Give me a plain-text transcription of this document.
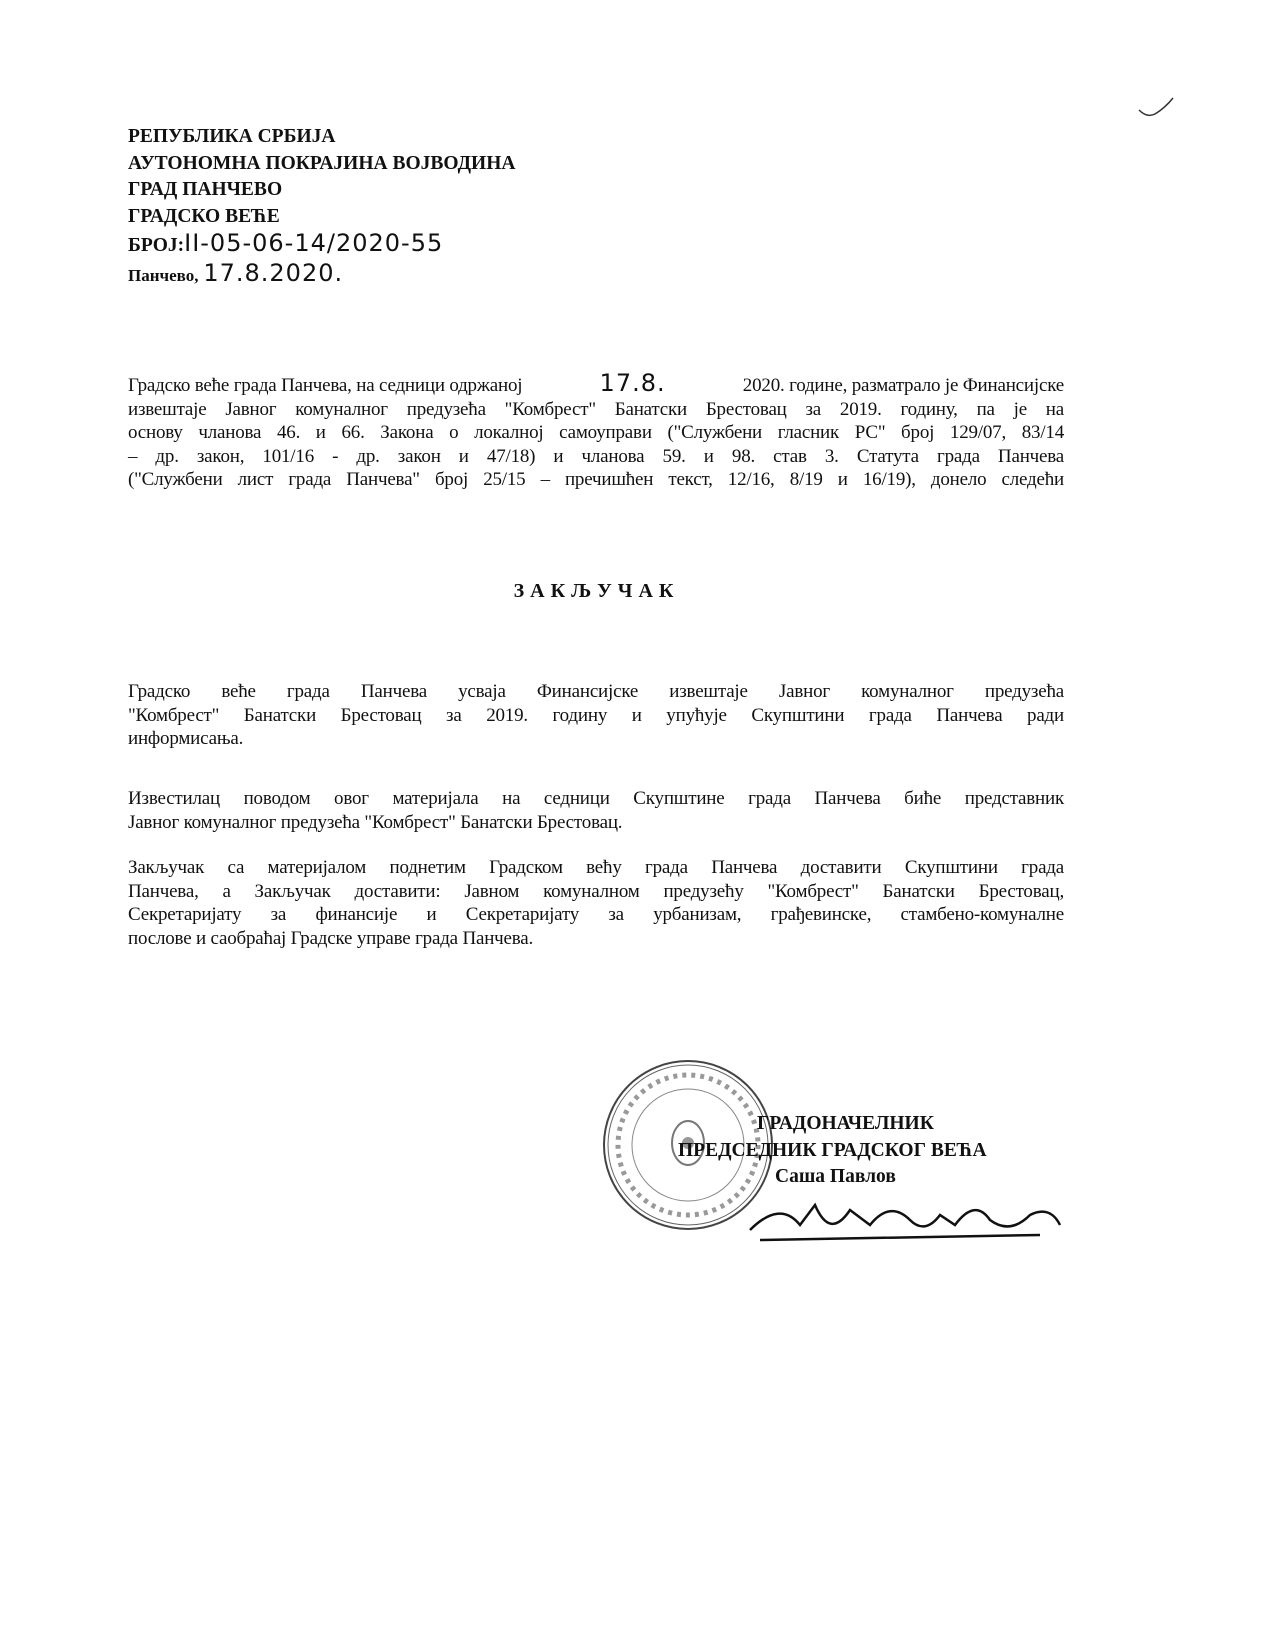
РЕПУБЛИКА СРБИЈА
АУТОНОМНА ПОКРАЈИНА ВОЈВОДИНА
ГРАД ПАНЧЕВО
ГРАДСКО ВЕЋЕ
БРОЈ:II-05-06-14/2020-55
Панчево, 17.8.2020.
Градско веће града Панчева, на седници одржаној	17.8.	2020. године, разматрало је Финансијске
извештаје Јавног комуналног предузећа "Комбрест" Банатски Брестовац за 2019. годину, па је на
основу чланова 46. и 66. Закона о локалној самоуправи ("Службени гласник РС" број 129/07, 83/14
– др. закон, 101/16 - др. закон и 47/18) и чланова 59. и 98. став 3. Статута града Панчева
("Службени лист града Панчева" број 25/15 – пречишћен текст, 12/16, 8/19 и 16/19), донело следећи
ЗАКЉУЧАК
Градско веће града Панчева усваја Финансијске извештаје Јавног комуналног предузећа
"Комбрест" Банатски Брестовац за 2019. годину и упућује Скупштини града Панчева ради
информисања.
Известилац поводом овог материјала на седници Скупштине града Панчева биће представник
Јавног комуналног предузећа "Комбрест" Банатски Брестовац.
Закључак са материјалом поднетим Градском већу града Панчева доставити Скупштини града
Панчева, а Закључак доставити: Јавном комуналном предузећу "Комбрест" Банатски Брестовац,
Секретаријату за финансије и Секретаријату за урбанизам, грађевинске, стамбено-комуналне
послове и саобраћај Градске управе града Панчева.
ГРАДОНАЧЕЛНИК
ПРЕДСЕДНИК ГРАДСКОГ ВЕЋА
Саша Павлов
